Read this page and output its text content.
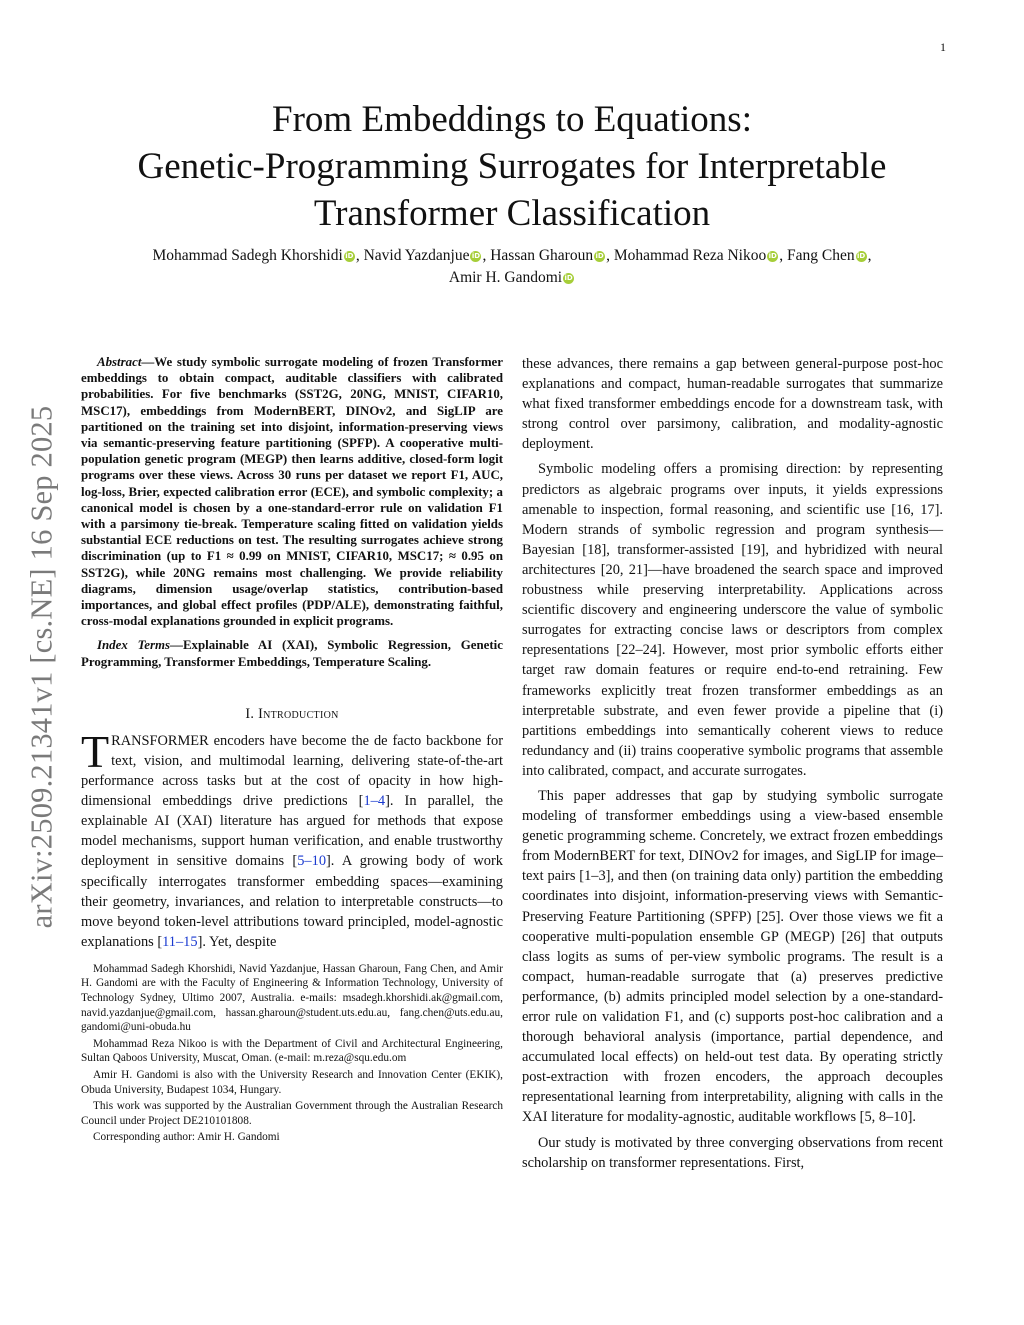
1
arXiv:2509.21341v1 [cs.NE] 16 Sep 2025
From Embeddings to Equations:
Genetic-Programming Surrogates for Interpretable
Transformer Classification
Mohammad Sadegh Khorshidi iD , Navid Yazdanjue iD , Hassan Gharoun iD , Mohammad Reza Nikoo iD , Fang Chen iD ,
Amir H. Gandomi iD

Abstract—We study symbolic surrogate modeling of frozen Transformer embeddings to obtain compact, auditable classifiers with calibrated probabilities. For five benchmarks (SST2G, 20NG, MNIST, CIFAR10, MSC17), embeddings from ModernBERT, DINOv2, and SigLIP are partitioned on the training set into disjoint, information-preserving views via semantic-preserving feature partitioning (SPFP). A cooperative multi-population genetic program (MEGP) then learns additive, closed-form logit programs over these views. Across 30 runs per dataset we report F1, AUC, log-loss, Brier, expected calibration error (ECE), and symbolic complexity; a canonical model is chosen by a one-standard-error rule on validation F1 with a parsimony tie-break. Temperature scaling fitted on validation yields substantial ECE reductions on test. The resulting surrogates achieve strong discrimination (up to F1 ≈ 0.99 on MNIST, CIFAR10, MSC17; ≈ 0.95 on SST2G), while 20NG remains most challenging. We provide reliability diagrams, dimension usage/overlap statistics, contribution-based importances, and global effect profiles (PDP/ALE), demonstrating faithful, cross-modal explanations grounded in explicit programs.

Index Terms—Explainable AI (XAI), Symbolic Regression, Genetic Programming, Transformer Embeddings, Temperature Scaling.

I. Introduction

TRANSFORMER encoders have become the de facto backbone for text, vision, and multimodal learning, delivering state-of-the-art performance across tasks but at the cost of opacity in how high-dimensional embeddings drive predictions [1–4]. In parallel, the explainable AI (XAI) literature has argued for methods that expose model mechanisms, support human verification, and enable trustworthy deployment in sensitive domains [5–10]. A growing body of work specifically interrogates transformer embedding spaces—examining their geometry, invariances, and relation to interpretable constructs—to move beyond token-level attributions toward principled, model-agnostic explanations [11–15]. Yet, despite

Mohammad Sadegh Khorshidi, Navid Yazdanjue, Hassan Gharoun, Fang Chen, and Amir H. Gandomi are with the Faculty of Engineering & Information Technology, University of Technology Sydney, Ultimo 2007, Australia. e-mails: msadegh.khorshidi.ak@gmail.com, navid.yazdanjue@gmail.com, hassan.gharoun@student.uts.edu.au, fang.chen@uts.edu.au, gandomi@uni-obuda.hu

Mohammad Reza Nikoo is with the Department of Civil and Architectural Engineering, Sultan Qaboos University, Muscat, Oman. (e-mail: m.reza@squ.edu.om

Amir H. Gandomi is also with the University Research and Innovation Center (EKIK), Obuda University, Budapest 1034, Hungary.

This work was supported by the Australian Government through the Australian Research Council under Project DE210101808.

Corresponding author: Amir H. Gandomi

these advances, there remains a gap between general-purpose post-hoc explanations and compact, human-readable surrogates that summarize what fixed transformer embeddings encode for a downstream task, with strong control over parsimony, calibration, and modality-agnostic deployment.

Symbolic modeling offers a promising direction: by representing predictors as algebraic programs over inputs, it yields expressions amenable to inspection, formal reasoning, and scientific use [16, 17]. Modern strands of symbolic regression and program synthesis—Bayesian [18], transformer-assisted [19], and hybridized with neural architectures [20, 21]—have broadened the search space and improved robustness while preserving interpretability. Applications across scientific discovery and engineering underscore the value of symbolic surrogates for extracting concise laws or descriptors from complex representations [22–24]. However, most prior symbolic efforts either target raw domain features or require end-to-end retraining. Few frameworks explicitly treat frozen transformer embeddings as an interpretable substrate, and even fewer provide a pipeline that (i) partitions embeddings into semantically coherent views to reduce redundancy and (ii) trains cooperative symbolic programs that assemble into calibrated, compact, and accurate surrogates.

This paper addresses that gap by studying symbolic surrogate modeling of transformer embeddings using a view-based ensemble genetic programming scheme. Concretely, we extract frozen embeddings from ModernBERT for text, DINOv2 for images, and SigLIP for image–text pairs [1–3], and then (on training data only) partition the embedding coordinates into disjoint, information-preserving views with Semantic-Preserving Feature Partitioning (SPFP) [25]. Over those views we fit a cooperative multi-population ensemble GP (MEGP) [26] that outputs class logits as sums of per-view symbolic programs. The result is a compact, human-readable surrogate that (a) preserves predictive performance, (b) admits principled model selection by a one-standard-error rule on validation F1, and (c) supports post-hoc calibration and a thorough behavioral analysis (importance, partial dependence, and accumulated local effects) on held-out test data. By operating strictly post-extraction with frozen encoders, the approach decouples representational learning from interpretability, aligning with calls in the XAI literature for modality-agnostic, auditable workflows [5, 8–10].

Our study is motivated by three converging observations from recent scholarship on transformer representations. First,
